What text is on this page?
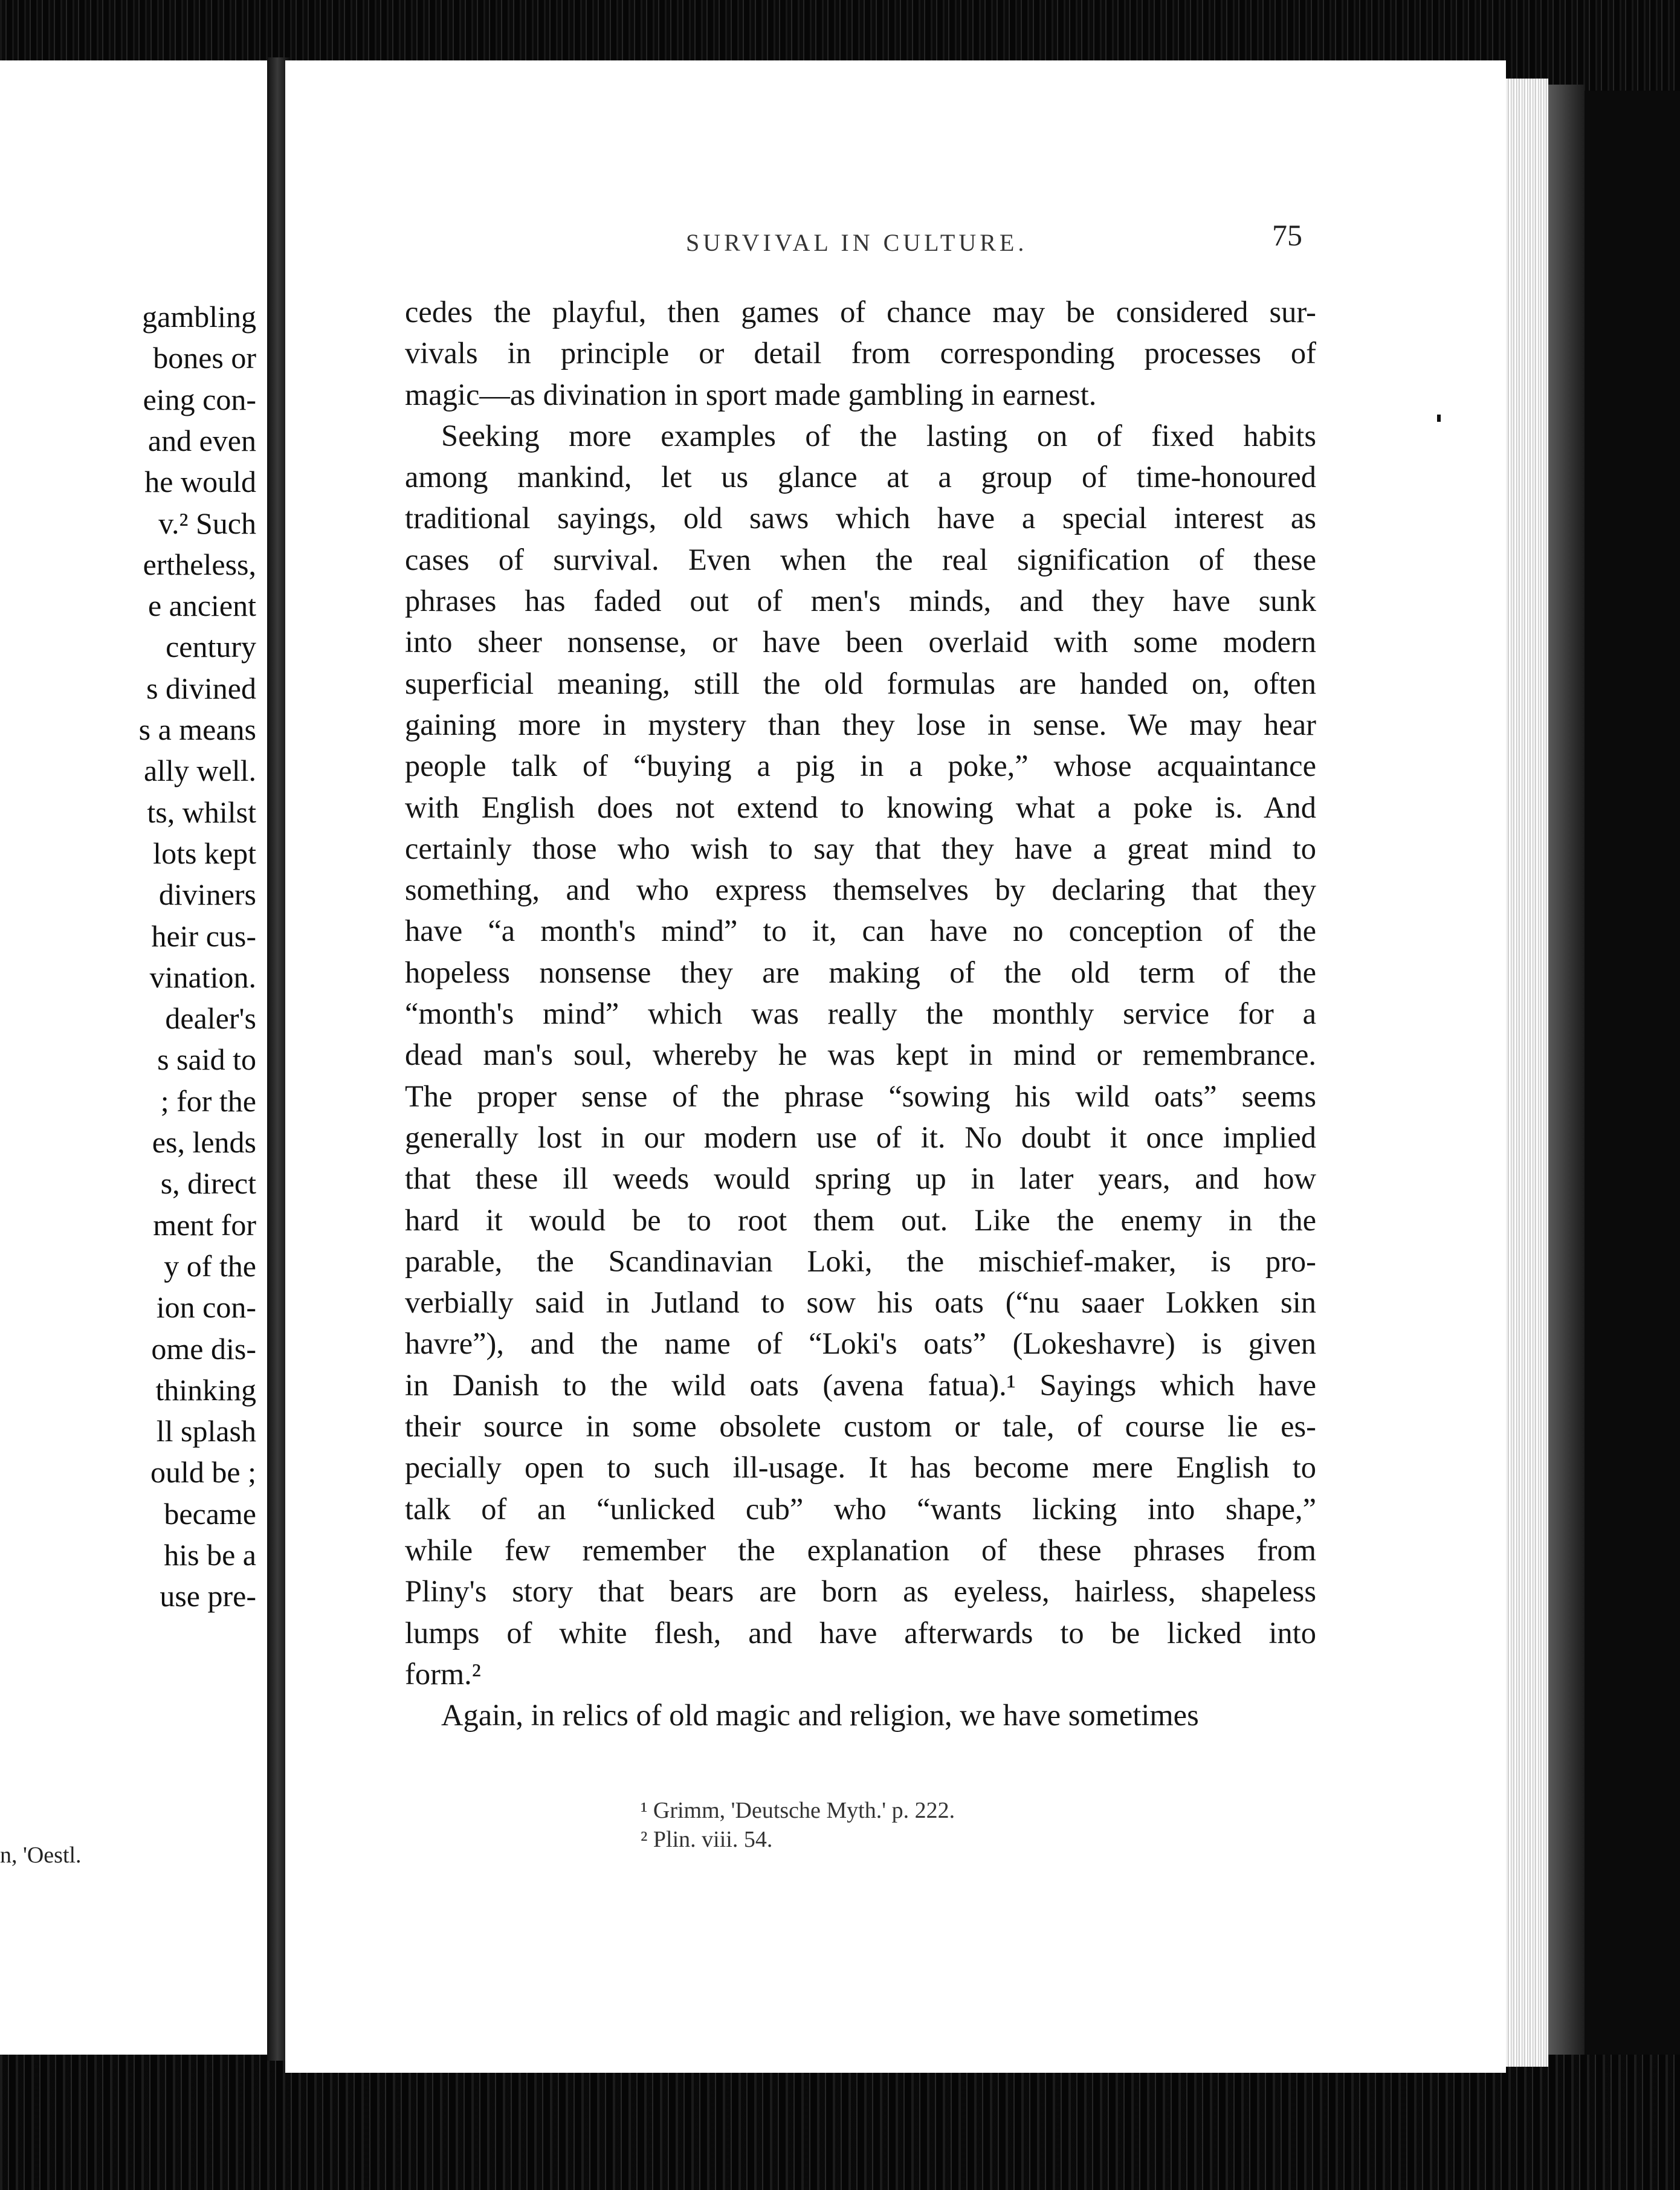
gambling
bones or
eing con-
and even
he would
v.² Such
ertheless,
e ancient
century
s divined
s a means
ally well.
ts, whilst
lots kept
diviners
heir cus-
vination.
dealer's
s said to
; for the
es, lends
s, direct
ment for
y of the
ion con-
ome dis-
thinking
ll splash
ould be ;
became
his be a
use pre-
n, 'Oestl.
SURVIVAL IN CULTURE.	75
cedes the playful, then games of chance may be considered sur-
vivals in principle or detail from corresponding processes of
magic—as divination in sport made gambling in earnest.
Seeking more examples of the lasting on of fixed habits
among mankind, let us glance at a group of time-honoured
traditional sayings, old saws which have a special interest as
cases of survival. Even when the real signification of these
phrases has faded out of men's minds, and they have sunk
into sheer nonsense, or have been overlaid with some modern
superficial meaning, still the old formulas are handed on, often
gaining more in mystery than they lose in sense. We may hear
people talk of “buying a pig in a poke,” whose acquaintance
with English does not extend to knowing what a poke is. And
certainly those who wish to say that they have a great mind to
something, and who express themselves by declaring that they
have “a month's mind” to it, can have no conception of the
hopeless nonsense they are making of the old term of the
“month's mind” which was really the monthly service for a
dead man's soul, whereby he was kept in mind or remembrance.
The proper sense of the phrase “sowing his wild oats” seems
generally lost in our modern use of it. No doubt it once implied
that these ill weeds would spring up in later years, and how
hard it would be to root them out. Like the enemy in the
parable, the Scandinavian Loki, the mischief-maker, is pro-
verbially said in Jutland to sow his oats (“nu saaer Lokken sin
havre”), and the name of “Loki's oats” (Lokeshavre) is given
in Danish to the wild oats (avena fatua).¹ Sayings which have
their source in some obsolete custom or tale, of course lie es-
pecially open to such ill-usage. It has become mere English to
talk of an “unlicked cub” who “wants licking into shape,”
while few remember the explanation of these phrases from
Pliny's story that bears are born as eyeless, hairless, shapeless
lumps of white flesh, and have afterwards to be licked into
form.²
Again, in relics of old magic and religion, we have sometimes
¹ Grimm, 'Deutsche Myth.' p. 222.
² Plin. viii. 54.
